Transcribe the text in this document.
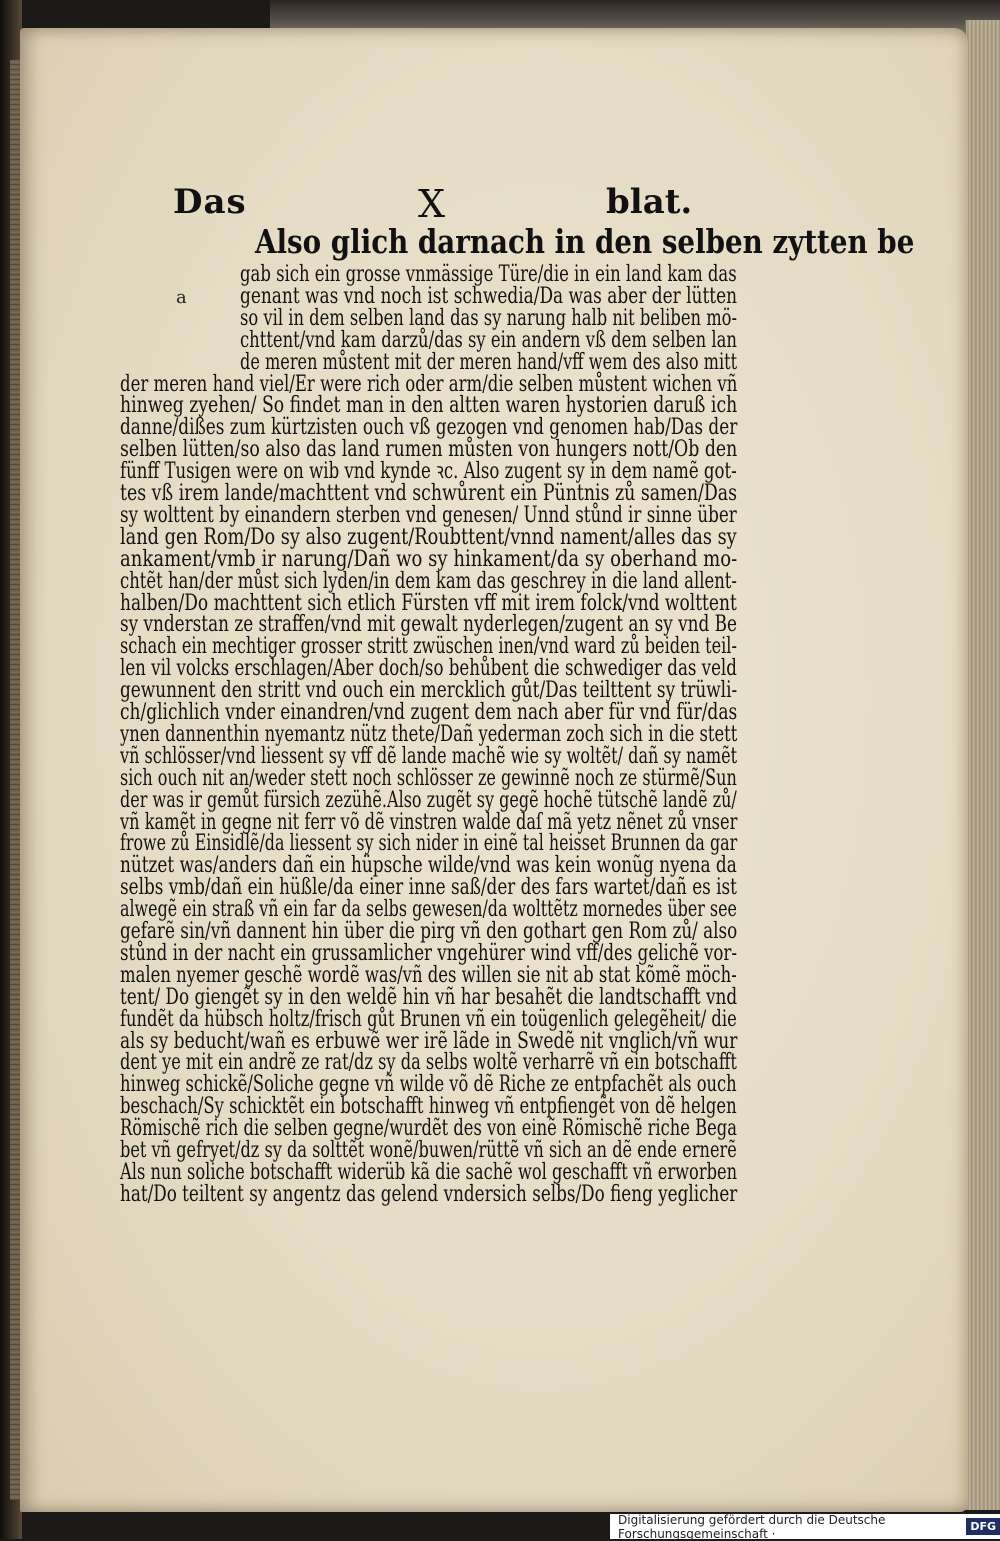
Das	X	blat.
Also glich darnach in den selben zytten be
a
gab sich ein grosse vnmässige Türe/die in ein land kam das
genant was vnd noch ist schwedia/Da was aber der lütten
so vil in dem selben land das sy narung halb nit beliben mö-
chttent/vnd kam darzů/das sy ein andern vß dem selben lan
de meren můstent mit der meren hand/vff wem des also mitt
der meren hand viel/Er were rich oder arm/die selben můstent wichen vñ
hinweg zyehen/ So findet man in den altten waren hystorien daruß ich
danne/dißes zum kürtzisten ouch vß gezogen vnd genomen hab/Das der
selben lütten/so also das land rumen můsten von hungers nott/Ob den
fünff Tusigen were on wib vnd kynde ꝛc. Also zugent sy in dem namẽ got-
tes vß irem lande/machttent vnd schwůrent ein Püntnis zů samen/Das
sy wolttent by einandern sterben vnd genesen/ Unnd stůnd ir sinne über
land gen Rom/Do sy also zugent/Roubttent/vnnd nament/alles das sy
ankament/vmb ir narung/Dañ wo sy hinkament/da sy oberhand mo-
chtẽt han/der můst sich lyden/in dem kam das geschrey in die land allent-
halben/Do machttent sich etlich Fürsten vff mit irem folck/vnd wolttent
sy vnderstan ze straffen/vnd mit gewalt nyderlegen/zugent an sy vnd Be
schach ein mechtiger grosser stritt zwüschen inen/vnd ward zů beiden teil-
len vil volcks erschlagen/Aber doch/so behůbent die schwediger das veld
gewunnent den stritt vnd ouch ein mercklich gůt/Das teilttent sy trüwli-
ch/glichlich vnder einandren/vnd zugent dem nach aber für vnd für/das
ynen dannenthin nyemantz nütz thete/Dañ yederman zoch sich in die stett
vñ schlösser/vnd liessent sy vff dẽ lande machẽ wie sy woltẽt/ dañ sy namẽt
sich ouch nit an/weder stett noch schlösser ze gewinnẽ noch ze stürmẽ/Sun
der was ir gemůt fürsich zezühẽ.Also zugẽt sy gegẽ hochẽ tütschẽ landẽ zů/
vñ kamẽt in gegne nit ferr võ dẽ vinstren walde daſ mã yetz nẽnet zů vnser
frowe zů Einsidlẽ/da liessent sy sich nider in einẽ tal heisset Brunnen da gar
nützet was/anders dañ ein hüpsche wilde/vnd was kein wonũg nyena da
selbs vmb/dañ ein hüßle/da einer inne saß/der des fars wartet/dañ es ist
alwegẽ ein straß vñ ein far da selbs gewesen/da wolttẽtz mornedes über see
gefarẽ sin/vñ dannent hin über die pirg vñ den gothart gen Rom zů/ also
stůnd in der nacht ein grussamlicher vngehürer wind vff/des gelichẽ vor-
malen nyemer geschẽ wordẽ was/vñ des willen sie nit ab stat kõmẽ möch-
tent/ Do giengẽt sy in den weldẽ hin vñ har besahẽt die landtschafft vnd
fundẽt da hübsch holtz/frisch gůt Brunen vñ ein toügenlich gelegẽheit/ die
als sy beducht/wañ es erbuwẽ wer irẽ lãde in Swedẽ nit vnglich/vñ wur
dent ye mit ein andrẽ ze rat/dz sy da selbs woltẽ verharrẽ vñ ein botschafft
hinweg schickẽ/Soliche gegne vñ wilde võ dẽ Riche ze entpfachẽt als ouch
beschach/Sy schicktẽt ein botschafft hinweg vñ entpfiengẽt von dẽ helgen
Römischẽ rich die selben gegne/wurdẽt des von einẽ Römischẽ riche Bega
bet vñ gefryet/dz sy da solttẽt wonẽ/buwen/rüttẽ vñ sich an dẽ ende ernerẽ
Als nun soliche botschafft widerüb kã die sachẽ wol geschafft vñ erworben
hat/Do teiltent sy angentz das gelend vndersich selbs/Do fieng yeglicher
Digitalisierung gefördert durch die Deutsche Forschungsgemeinschaft ·	DFG
